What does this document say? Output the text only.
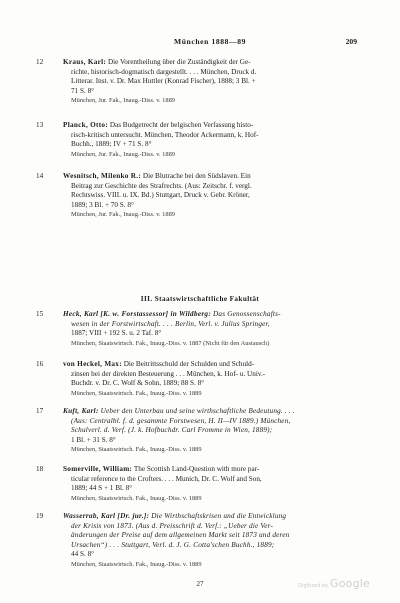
München 1888—89	209
12	Kraus, Karl: Die Vorentheilung über die Zuständigkeit der Ge-
richte, historisch-dogmatisch dargestellt. . . . München, Druck d.
Litterar. Inst. v. Dr. Max Huttler (Konrad Fischer), 1888; 3 Bl. +
71 S. 8°
München, Jur. Fak., Inaug.-Diss. v. 1889
13	Planck, Otto: Das Budgetrecht der belgischen Verfassung histo-
risch-kritisch untersucht. München, Theodor Ackermann, k. Hof-
Buchh., 1889; IV + 71 S. 8°
München, Jur. Fak., Inaug.-Diss. v. 1889
14	Wesnitsch, Milenko R.: Die Blutrache bei den Südslaven. Ein
Beitrag zur Geschichte des Strafrechts. (Aus: Zeitschr. f. vergl.
Rechtswiss. VIII. u. IX. Bd.) Stuttgart, Druck v. Gebr. Kröner,
1889; 3 Bl. + 70 S. 8°
München, Jur. Fak., Inaug.-Diss. v. 1889
III. Staatswirtschaftliche Fakultät
15	Heck, Karl [K. w. Forstassessor] in Wildberg: Das Genossenschafts-
wesen in der Forstwirtschaft. . . . Berlin, Verl. v. Julius Springer,
1887; VIII + 192 S. u. 2 Taf. 8°
München, Staatswirtsch. Fak., Inaug.-Diss. v. 1887 (Nicht für den Austausch)
16	von Heckel, Max: Die Beitrittsschuld der Schulden und Schuld-
zinsen bei der direkten Besteuerung . . . München, k. Hof- u. Univ.-
Buchdr. v. Dr. C. Wolf & Sohn, 1889; 88 S. 8°
München, Staatswirtsch. Fak., Inaug.-Diss. v. 1889
17	Kuft, Karl: Ueber den Unterbau und seine wirthschaftliche Bedeutung. . . .
(Aus: Centralbl. f. d. gesammte Forstwesen, H. II—IV 1889.) München,
Schulverl. d. Verf. (J. k. Hofbuchdr. Carl Fromme in Wien, 1889);
1 Bl. + 31 S. 8°
München, Staatswirtsch. Fak., Inaug.-Diss. v. 1889
18	Somerville, William: The Scottish Land-Question with more par-
ticular reference to the Crofters. . . . Munich, Dr. C. Wolf and Son,
1889; 44 S + 1 Bl. 8°
München, Staatswirtsch. Fak., Inaug.-Diss. v. 1889
19	Wasserrab, Karl [Dr. jur.]: Die Wirthschaftskrisen und die Entwicklung
der Krisis von 1873. (Aus d. Preisschrift d. Verf.: „Ueber die Ver-
änderungen der Preise auf dem allgemeinen Markt seit 1873 und deren
Ursachen“) . . . Stuttgart, Verl. d. J. G. Cotta'schen Buchh., 1889;
44 S. 8°
München, Staatswirtsch. Fak., Inaug.-Diss. v. 1889
27	Digitized by Google
